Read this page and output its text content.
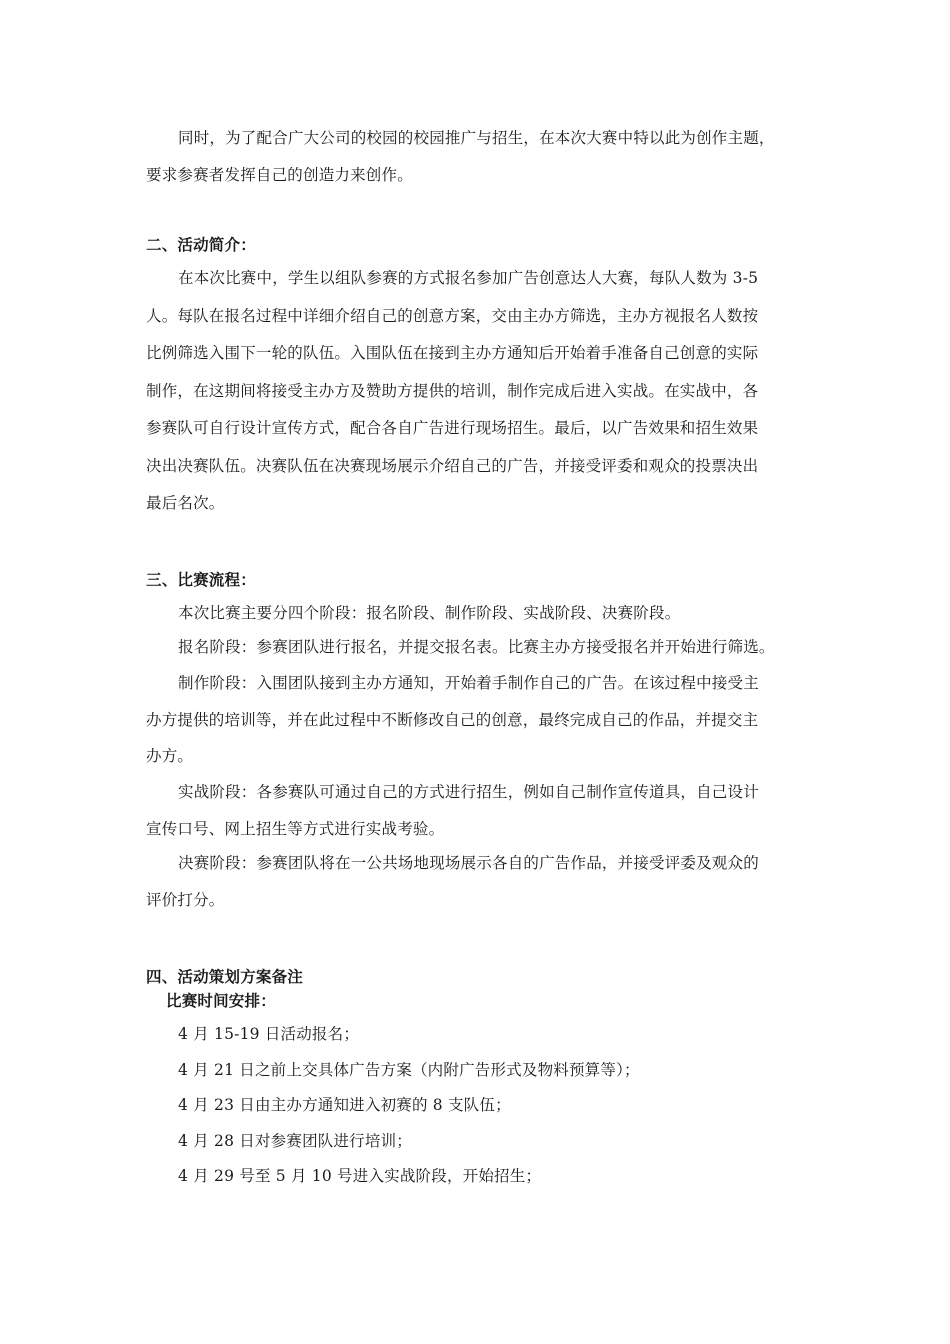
同时，为了配合广大公司的校园的校园推广与招生，在本次大赛中特以此为创作主题，
要求参赛者发挥自己的创造力来创作。
二、活动简介：
在本次比赛中，学生以组队参赛的方式报名参加广告创意达人大赛，每队人数为 3-5
人。每队在报名过程中详细介绍自己的创意方案，交由主办方筛选，主办方视报名人数按
比例筛选入围下一轮的队伍。入围队伍在接到主办方通知后开始着手准备自己创意的实际
制作，在这期间将接受主办方及赞助方提供的培训，制作完成后进入实战。在实战中，各
参赛队可自行设计宣传方式，配合各自广告进行现场招生。最后，以广告效果和招生效果
决出决赛队伍。决赛队伍在决赛现场展示介绍自己的广告，并接受评委和观众的投票决出
最后名次。
三、比赛流程：
本次比赛主要分四个阶段：报名阶段、制作阶段、实战阶段、决赛阶段。
报名阶段：参赛团队进行报名，并提交报名表。比赛主办方接受报名并开始进行筛选。
制作阶段：入围团队接到主办方通知，开始着手制作自己的广告。在该过程中接受主
办方提供的培训等，并在此过程中不断修改自己的创意，最终完成自己的作品，并提交主
办方。
实战阶段：各参赛队可通过自己的方式进行招生，例如自己制作宣传道具，自己设计
宣传口号、网上招生等方式进行实战考验。
决赛阶段：参赛团队将在一公共场地现场展示各自的广告作品，并接受评委及观众的
评价打分。
四、活动策划方案备注
比赛时间安排：
4 月 15-19 日活动报名；
4 月 21 日之前上交具体广告方案（内附广告形式及物料预算等）；
4 月 23 日由主办方通知进入初赛的 8 支队伍；
4 月 28 日对参赛团队进行培训；
4 月 29 号至 5 月 10 号进入实战阶段，开始招生；
